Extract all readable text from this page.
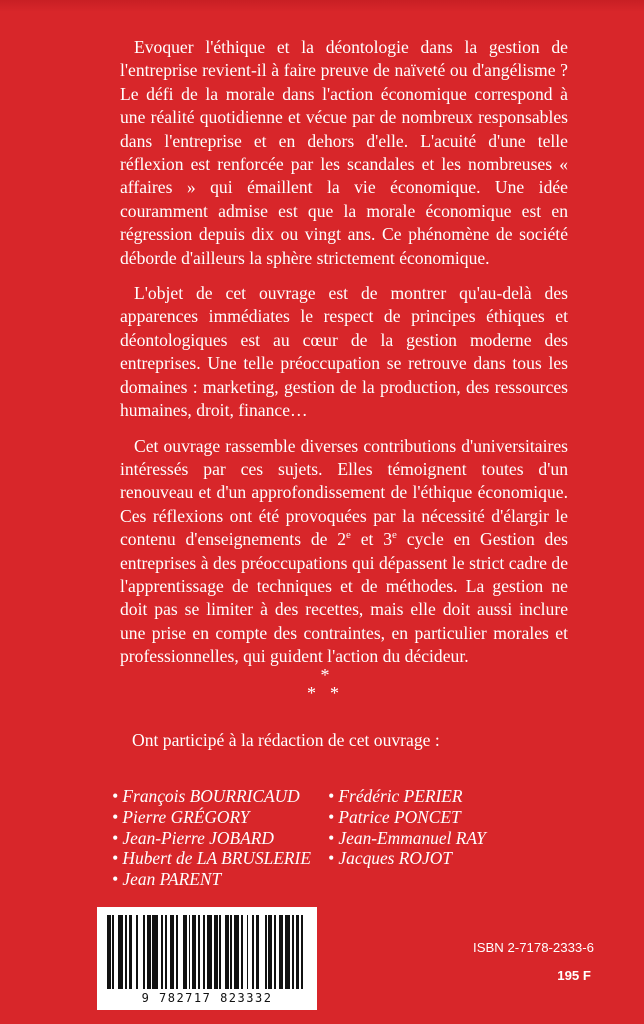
Evoquer l'éthique et la déontologie dans la gestion de l'entreprise revient-il à faire preuve de naïveté ou d'angélisme ? Le défi de la morale dans l'action économique correspond à une réalité quotidienne et vécue par de nombreux responsables dans l'entreprise et en dehors d'elle. L'acuité d'une telle réflexion est renforcée par les scandales et les nombreuses « affaires » qui émaillent la vie économique. Une idée couramment admise est que la morale économique est en régression depuis dix ou vingt ans. Ce phénomène de société déborde d'ailleurs la sphère strictement économique.

L'objet de cet ouvrage est de montrer qu'au-delà des apparences immédiates le respect de principes éthiques et déontologiques est au cœur de la gestion moderne des entreprises. Une telle préoccupation se retrouve dans tous les domaines : marketing, gestion de la production, des ressources humaines, droit, finance…

Cet ouvrage rassemble diverses contributions d'universitaires intéressés par ces sujets. Elles témoignent toutes d'un renouveau et d'un approfondissement de l'éthique économique. Ces réflexions ont été provoquées par la nécessité d'élargir le contenu d'enseignements de 2e et 3e cycle en Gestion des entreprises à des préoccupations qui dépassent le strict cadre de l'apprentissage de techniques et de méthodes. La gestion ne doit pas se limiter à des recettes, mais elle doit aussi inclure une prise en compte des contraintes, en particulier morales et professionnelles, qui guident l'action du décideur.

*
**
Ont participé à la rédaction de cet ouvrage :
• François BOURRICAUD	• Frédéric PERIER
• Pierre GRÉGORY	• Patrice PONCET
• Jean-Pierre JOBARD	• Jean-Emmanuel RAY
• Hubert de LA BRUSLERIE • Jacques ROJOT
• Jean PARENT
9 782717 823332
ISBN 2-7178-2333-6
195 F
